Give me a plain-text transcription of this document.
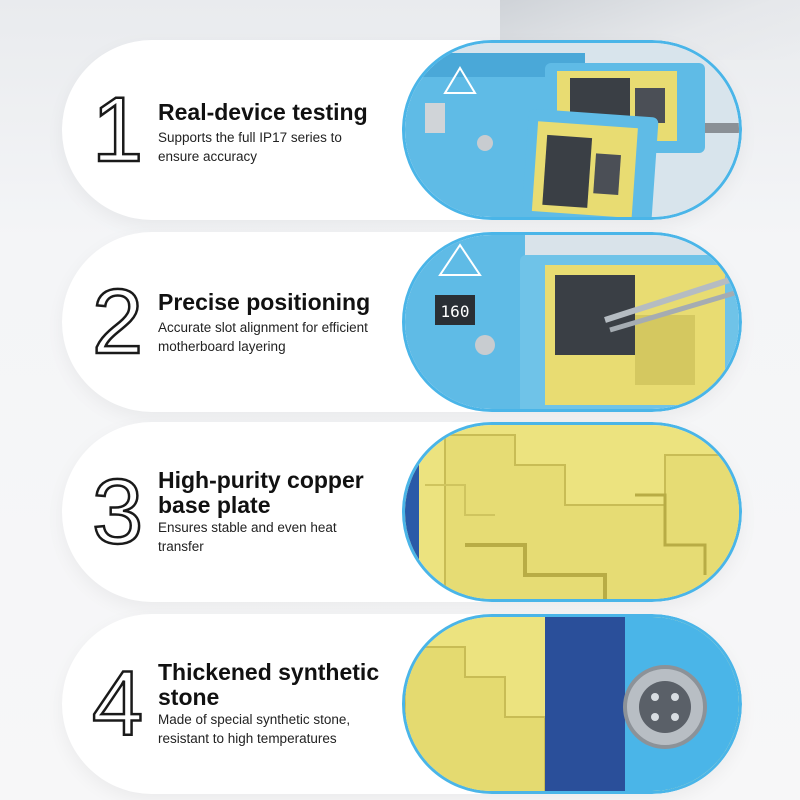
1 Real-device testing
Supports the full IP17 series to ensure accuracy
2 Precise positioning
Accurate slot alignment for efficient motherboard layering
160
3 High-purity copper base plate
Ensures stable and even heat transfer
4 Thickened synthetic stone
Made of special synthetic stone, resistant to high temperatures
